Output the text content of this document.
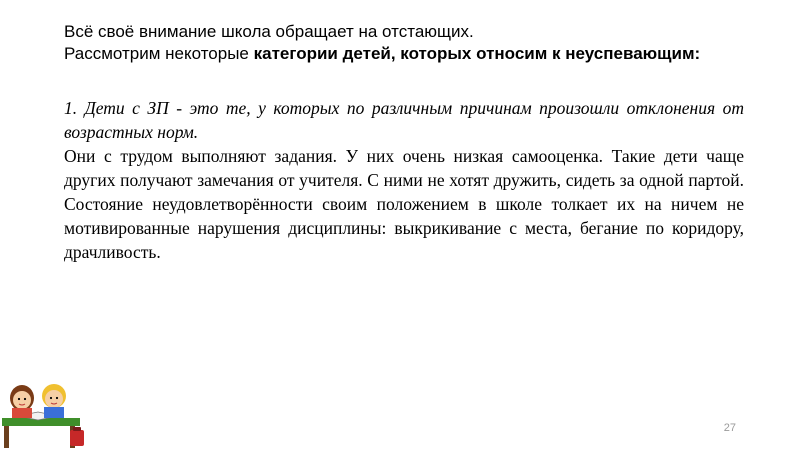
Всё своё внимание школа обращает на отстающих.
Рассмотрим некоторые категории детей, которых относим к неуспевающим:

1. Дети с ЗП - это те, у которых по различным причинам произошли отклонения от возрастных норм.

Они с трудом выполняют задания. У них очень низкая самооценка. Такие дети чаще других получают замечания от учителя. С ними не хотят дружить, сидеть за одной партой. Состояние неудовлетворённости своим положением в школе толкает их на ничем не мотивированные нарушения дисциплины: выкрикивание с места, бегание по коридору, драчливость.

27
